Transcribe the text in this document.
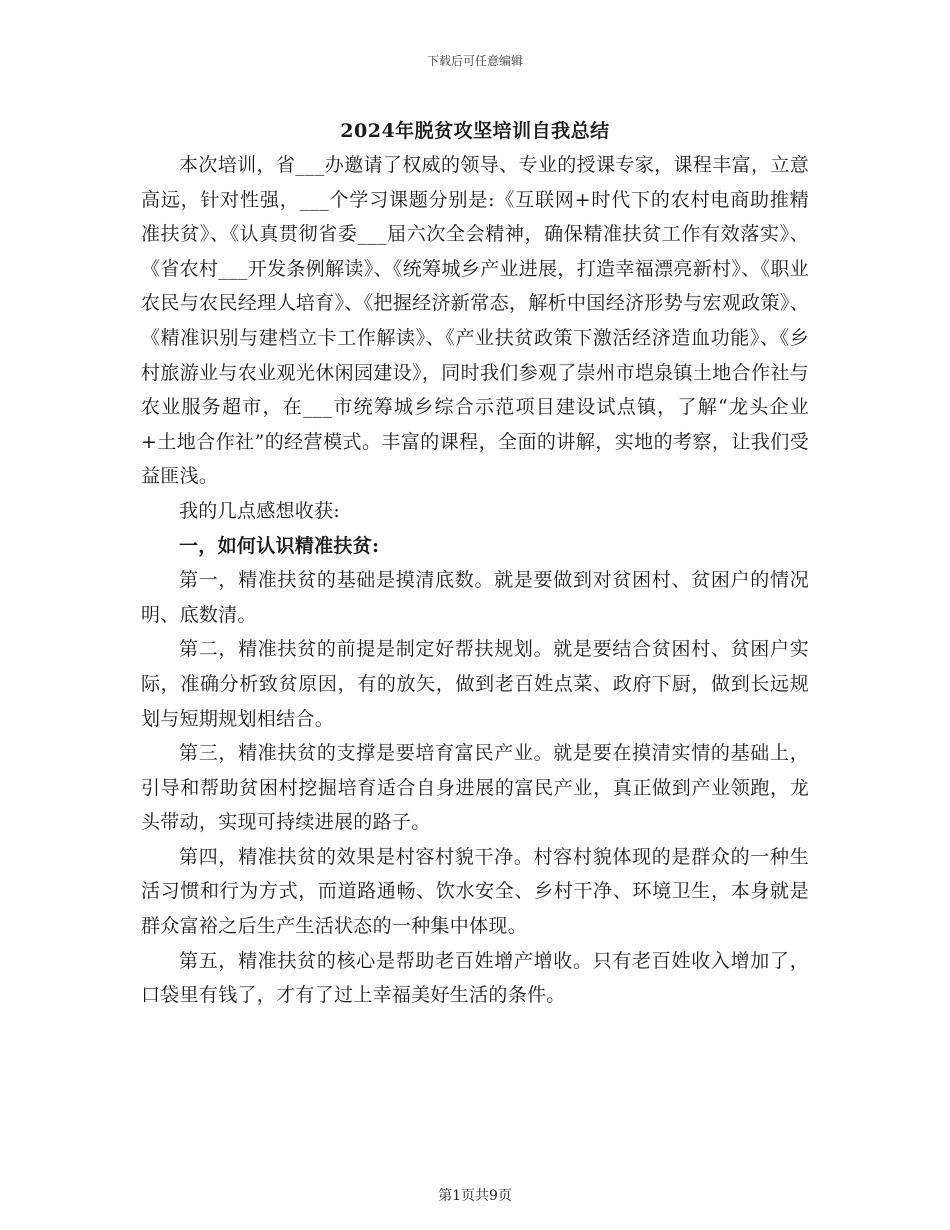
下载后可任意编辑
2024年脱贫攻坚培训自我总结

本次培训，省___办邀请了权威的领导、专业的授课专家，课程丰富，立意高远，针对性强，___个学习课题分别是:《互联网+时代下的农村电商助推精准扶贫》、《认真贯彻省委___届六次全会精神，确保精准扶贫工作有效落实》、《省农村___开发条例解读》、《统筹城乡产业进展，打造幸福漂亮新村》、《职业农民与农民经理人培育》、《把握经济新常态，解析中国经济形势与宏观政策》、《精准识别与建档立卡工作解读》、《产业扶贫政策下激活经济造血功能》、《乡村旅游业与农业观光休闲园建设》，同时我们参观了崇州市垲泉镇土地合作社与农业服务超市，在___市统筹城乡综合示范项目建设试点镇，了解“龙头企业+土地合作社”的经营模式。丰富的课程，全面的讲解，实地的考察，让我们受益匪浅。

我的几点感想收获:

一，如何认识精准扶贫:

第一，精准扶贫的基础是摸清底数。就是要做到对贫困村、贫困户的情况明、底数清。

第二，精准扶贫的前提是制定好帮扶规划。就是要结合贫困村、贫困户实际，准确分析致贫原因，有的放矢，做到老百姓点菜、政府下厨，做到长远规划与短期规划相结合。

第三，精准扶贫的支撑是要培育富民产业。就是要在摸清实情的基础上，引导和帮助贫困村挖掘培育适合自身进展的富民产业，真正做到产业领跑，龙头带动，实现可持续进展的路子。

第四，精准扶贫的效果是村容村貌干净。村容村貌体现的是群众的一种生活习惯和行为方式，而道路通畅、饮水安全、乡村干净、环境卫生，本身就是群众富裕之后生产生活状态的一种集中体现。

第五，精准扶贫的核心是帮助老百姓增产增收。只有老百姓收入增加了，口袋里有钱了，才有了过上幸福美好生活的条件。

第1页共9页
